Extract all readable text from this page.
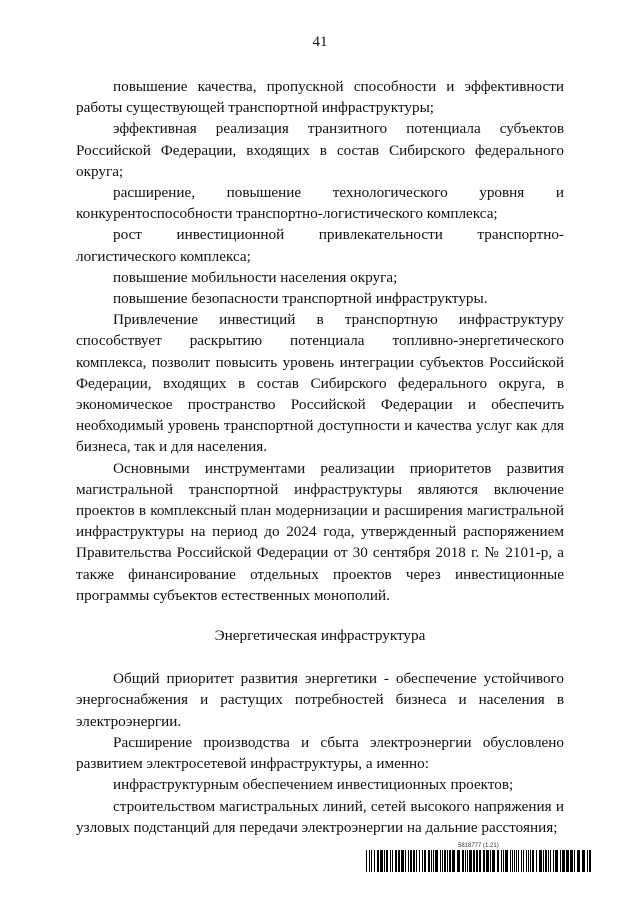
41

повышение качества, пропускной способности и эффективности работы существующей транспортной инфраструктуры;

эффективная реализация транзитного потенциала субъектов Российской Федерации, входящих в состав Сибирского федерального округа;

расширение, повышение технологического уровня и конкурентоспособности транспортно-логистического комплекса;

рост инвестиционной привлекательности транспортно-логистического комплекса;

повышение мобильности населения округа;

повышение безопасности транспортной инфраструктуры.

Привлечение инвестиций в транспортную инфраструктуру способствует раскрытию потенциала топливно-энергетического комплекса, позволит повысить уровень интеграции субъектов Российской Федерации, входящих в состав Сибирского федерального округа, в экономическое пространство Российской Федерации и обеспечить необходимый уровень транспортной доступности и качества услуг как для бизнеса, так и для населения.

Основными инструментами реализации приоритетов развития магистральной транспортной инфраструктуры являются включение проектов в комплексный план модернизации и расширения магистральной инфраструктуры на период до 2024 года, утвержденный распоряжением Правительства Российской Федерации от 30 сентября 2018 г. № 2101-р, а также финансирование отдельных проектов через инвестиционные программы субъектов естественных монополий.

Энергетическая инфраструктура

Общий приоритет развития энергетики - обеспечение устойчивого энергоснабжения и растущих потребностей бизнеса и населения в электроэнергии.

Расширение производства и сбыта электроэнергии обусловлено развитием электросетевой инфраструктуры, а именно:

инфраструктурным обеспечением инвестиционных проектов;

строительством магистральных линий, сетей высокого напряжения и узловых подстанций для передачи электроэнергии на дальние расстояния;

5818777 (1.21)
